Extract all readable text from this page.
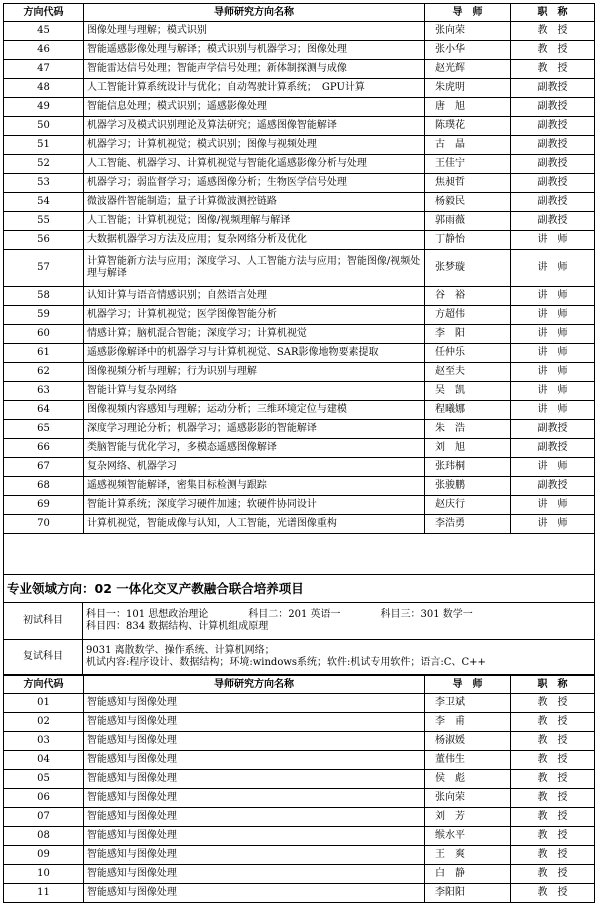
方向代码	导师研究方向名称	导　师	职　称
45	图像处理与理解；模式识别	张向荣	教　授
46	智能遥感影像处理与解译；模式识别与机器学习；图像处理	张小华	教　授
47	智能雷达信号处理；智能声学信号处理；新体制探测与成像	赵光辉	教　授
48	人工智能计算系统设计与优化；自动驾驶计算系统；　GPU计算	朱虎明	副教授
49	智能信息处理；模式识别；遥感影像处理	唐　旭	副教授
50	机器学习及模式识别理论及算法研究；遥感图像智能解译	陈璞花	副教授
51	机器学习；计算机视觉；模式识别；图像与视频处理	古　晶	副教授
52	人工智能、机器学习、计算机视觉与智能化遥感影像分析与处理	王佳宁	副教授
53	机器学习；弱监督学习；遥感图像分析；生物医学信号处理	焦昶哲	副教授
54	微波器件智能制造；量子计算微波测控链路	杨毅民	副教授
55	人工智能；计算机视觉；图像/视频理解与解译	郭雨薇	副教授
56	大数据机器学习方法及应用；复杂网络分析及优化	丁静怡	讲　师
57	计算智能新方法与应用；深度学习、人工智能方法与应用；智能图像/视频处理与解译	张梦璇	讲　师
58	认知计算与语音情感识别；自然语言处理	谷　裕	讲　师
59	机器学习；计算机视觉；医学图像智能分析	方超伟	讲　师
60	情感计算；脑机混合智能；深度学习；计算机视觉	李　阳	讲　师
61	遥感影像解译中的机器学习与计算机视觉、SAR影像地物要素提取	任仲乐	讲　师
62	图像视频分析与理解；行为识别与理解	赵至夫	讲　师
63	智能计算与复杂网络	吴　凯	讲　师
64	图像视频内容感知与理解；运动分析；三维环境定位与建模	程曦娜	讲　师
65	深度学习理论分析；机器学习；遥感影影的智能解译	朱　浩	副教授
66	类脑智能与优化学习，多模态遥感图像解译	刘　旭	副教授
67	复杂网络、机器学习	张玮桐	讲　师
68	遥感视频智能解译，密集目标检测与跟踪	张骏鹏	副教授
69	智能计算系统；深度学习硬件加速；软硬件协同设计	赵庆行	讲　师
70	计算机视觉，智能成像与认知，人工智能，光谱图像重构	李浩勇	讲　师
专业领域方向：02 一体化交叉产教融合联合培养项目
初试科目	科目一：101 思想政治理论　　　　科目二：201 英语一　　　　科目三：301 数学一
科目四：834 数据结构、计算机组成原理

复试科目	9031 离散数学、操作系统、计算机网络；
机试内容:程序设计、数据结构；环境:windows系统；软件:机试专用软件；语言:C、C++
方向代码	导师研究方向名称	导　师	职　称
01	智能感知与图像处理	李卫斌	教　授
02	智能感知与图像处理	李　甫	教　授
03	智能感知与图像处理	杨淑媛	教　授
04	智能感知与图像处理	董伟生	教　授
05	智能感知与图像处理	侯　彪	教　授
06	智能感知与图像处理	张向荣	教　授
07	智能感知与图像处理	刘　芳	教　授
08	智能感知与图像处理	缑水平	教　授
09	智能感知与图像处理	王　爽	教　授
10	智能感知与图像处理	白　静	教　授
11	智能感知与图像处理	李阳阳	教　授
